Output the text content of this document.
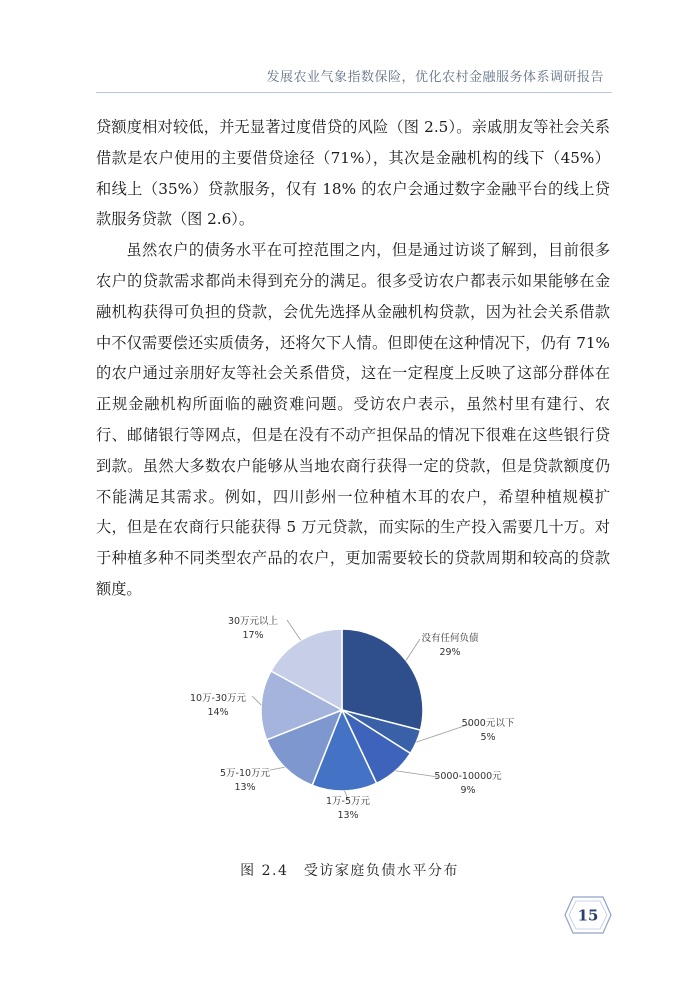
发展农业气象指数保险，优化农村金融服务体系调研报告

贷额度相对较低，并无显著过度借贷的风险（图 2.5）。亲戚朋友等社会关系借款是农户使用的主要借贷途径（71%），其次是金融机构的线下（45%）和线上（35%）贷款服务，仅有 18% 的农户会通过数字金融平台的线上贷款服务贷款（图 2.6）。

虽然农户的债务水平在可控范围之内，但是通过访谈了解到，目前很多农户的贷款需求都尚未得到充分的满足。很多受访农户都表示如果能够在金融机构获得可负担的贷款，会优先选择从金融机构贷款，因为社会关系借款中不仅需要偿还实质债务，还将欠下人情。但即使在这种情况下，仍有 71% 的农户通过亲朋好友等社会关系借贷，这在一定程度上反映了这部分群体在正规金融机构所面临的融资难问题。受访农户表示，虽然村里有建行、农行、邮储银行等网点，但是在没有不动产担保品的情况下很难在这些银行贷到款。虽然大多数农户能够从当地农商行获得一定的贷款，但是贷款额度仍不能满足其需求。例如，四川彭州一位种植木耳的农户，希望种植规模扩大，但是在农商行只能获得 5 万元贷款，而实际的生产投入需要几十万。对于种植多种不同类型农产品的农户，更加需要较长的贷款周期和较高的贷款额度。

没有任何负债
29%
5000元以下
5%
5000-10000元
9%
1万-5万元
13%
5万-10万元
13%
10万-30万元
14%
30万元以上
17%
图 2.4　受访家庭负债水平分布
15
